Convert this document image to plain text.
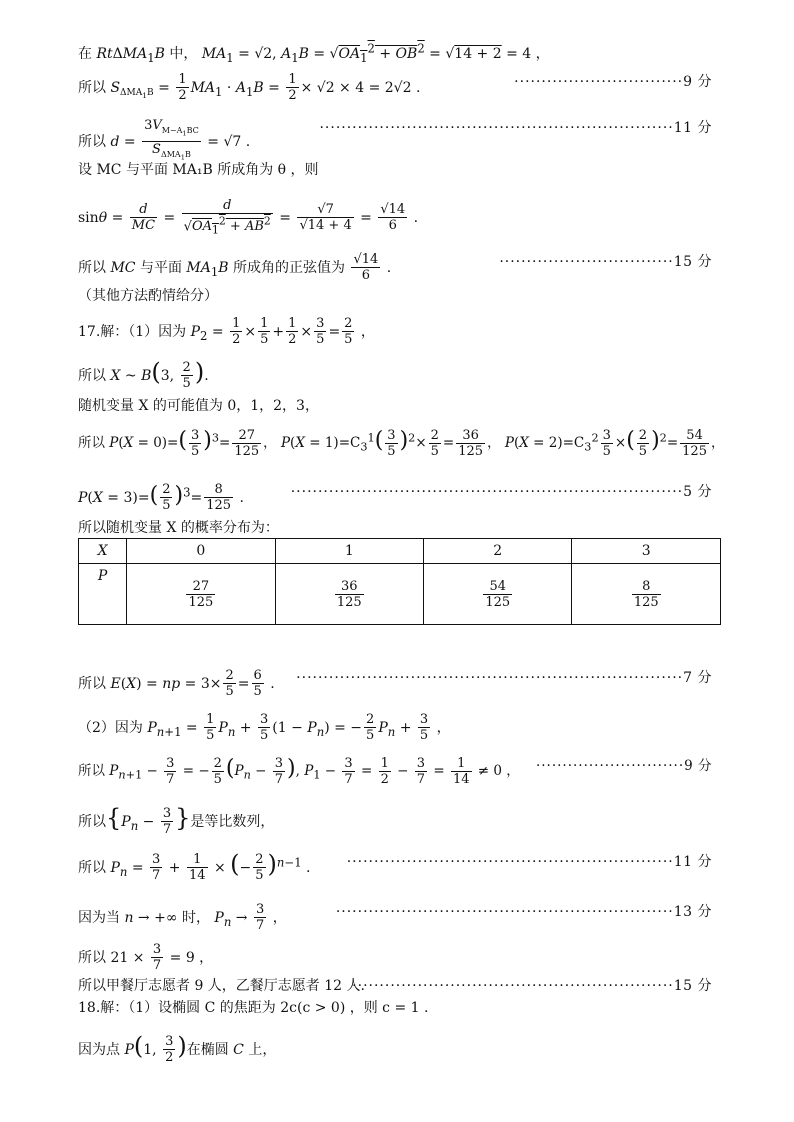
在 RtΔMA$_1$B 中， $MA_1 = √2$, $A_1B = √OA_1^2 + OB^2 = √14 + 2 = 4$ ，
所以 $S_{\Delta MA_1B} = \frac{1}{2} MA_1 \cdot A_1B = \frac{1}{2} \times √2 \times 4 = 2√2$ .	·······························9 分
所以 d =
$3V_{M-A_1BC}$
$S_{\Delta MA_1B}$
= √7 .
·································································11 分
设 MC 与平面 MA₁B 所成角为 θ ，则
$\sin\theta = \frac{d}{MC} = \frac{d}{√OA_1^2 + AB^2} = \frac{√7}{√14 + 4} = \frac{√14}{6}$ .
所以 MC 与平面 $MA_1B$ 所成角的正弦值为 $\frac{√14}{6}$ .	································15 分
（其他方法酌情给分）
17.解：（1）因为 $P_2 = \frac{1}{2} \times \frac{1}{5} + \frac{1}{2} \times \frac{3}{5} = \frac{2}{5}$ ，
所以 X ~ B(3, $\frac{2}{5}$ ).
随机变量 X 的可能值为 0，1，2，3，
所以 $P(X = 0)=( \frac{3}{5} )^3= \frac{27}{125}$ ， $P(X = 1)=C_3^1( \frac{3}{5} )^2\times \frac{2}{5} = \frac{36}{125}$ ， $P(X = 2)=C_3^2 \frac{3}{5}$ ×( $\frac{2}{5} )^2= \frac{54}{125}$ ，
$P(X = 3)=( \frac{2}{5} )^3= \frac{8}{125}$ .	········································································5 分
所以随机变量 X 的概率分布为：
X	0	1	2	3
P	$\frac{27}{125}$	$\frac{36}{125}$	$\frac{54}{125}$	$\frac{8}{125}$
所以 E(X) = np = $3\times \frac{2}{5} = \frac{6}{5}$ . ·······································································7 分
（2）因为 $P_{n+1} = \frac{1}{5} P_n + \frac{3}{5} (1 - P_n)$ = − $\frac{2}{5} P_n + \frac{3}{5}$ ，
所以 $P_{n+1} - \frac{3}{7}$ = − $\frac{2}{5} (P_n - \frac{3}{7}$ ), $P_1 - \frac{3}{7} = \frac{1}{2} - \frac{3}{7} = \frac{1}{14} \ne 0$ ， ····························9 分
所以{$P_n - \frac{3}{7}$ }是等比数列，
所以 $P_n = \frac{3}{7} + \frac{1}{14}$ × (− $\frac{2}{5} )^{n-1}$ .	····························································11 分
因为当 n → +∞ 时， $P_n \to \frac{3}{7}$ ，	······························································13 分
所以 $21 \times \frac{3}{7} = 9$ ，
所以甲餐厅志愿者 9 人，乙餐厅志愿者 12 人.
···························································15 分
18.解：（1）设椭圆 C 的焦距为 2c(c > 0) ，则 c = 1 .
因为点 P(1, $\frac{3}{2}$ )在椭圆 C 上，
